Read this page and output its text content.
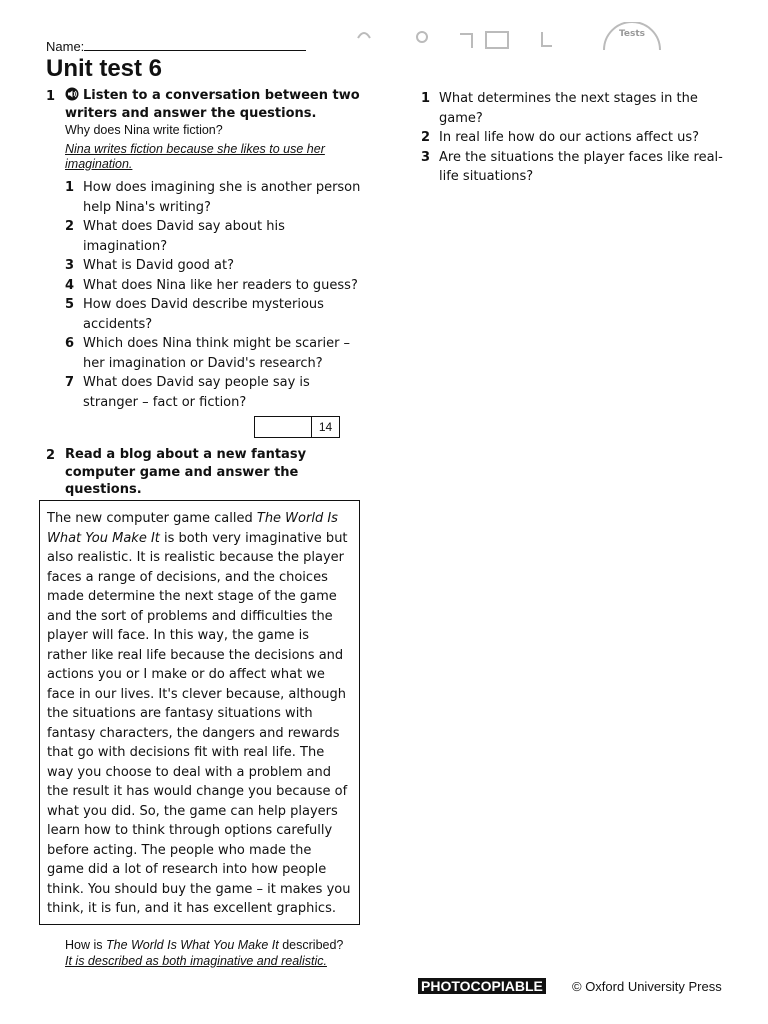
Name:
Unit test 6
Tests
1	Listen to a conversation between two writers and answer the questions.
Why does Nina write fiction?
Nina writes fiction because she likes to use her imagination.
1 How does imagining she is another person help Nina's writing?
2 What does David say about his imagination?
3 What is David good at?
4 What does Nina like her readers to guess?
5 How does David describe mysterious accidents?
6 Which does Nina think might be scarier – her imagination or David's research?
7 What does David say people say is stranger – fact or fiction?
14
2 Read a blog about a new fantasy computer game and answer the questions.

The new computer game called The World Is What You Make It is both very imaginative but also realistic. It is realistic because the player faces a range of decisions, and the choices made determine the next stage of the game and the sort of problems and difficulties the player will face. In this way, the game is rather like real life because the decisions and actions you or I make or do affect what we face in our lives. It's clever because, although the situations are fantasy situations with fantasy characters, the dangers and rewards that go with decisions fit with real life. The way you choose to deal with a problem and the result it has would change you because of what you did. So, the game can help players learn how to think through options carefully before acting. The people who made the game did a lot of research into how people think. You should buy the game – it makes you think, it is fun, and it has excellent graphics.

How is The World Is What You Make It described?
It is described as both imaginative and realistic.
1 What determines the next stages in the game?
2 In real life how do our actions affect us?
3 Are the situations the player faces like real-life situations?
PHOTOCOPIABLE © Oxford University Press
